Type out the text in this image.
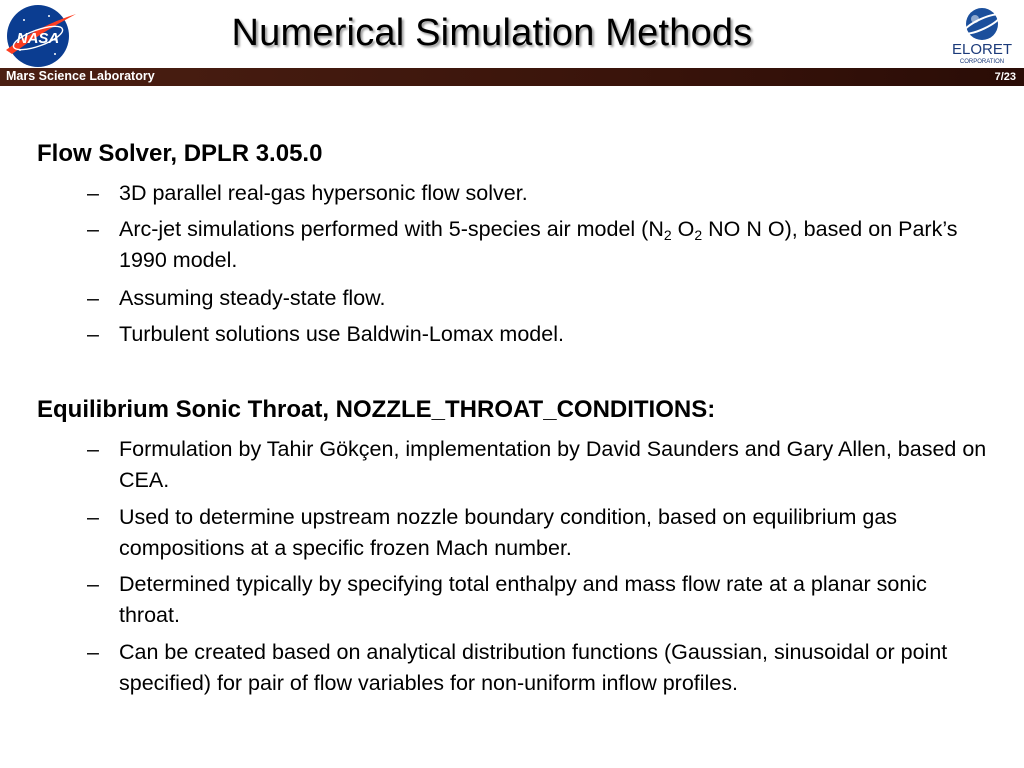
NASA	Numerical Simulation Methods	ELORET
CORPORATION
Mars Science Laboratory	7/23
Flow Solver, DPLR 3.05.0
– 3D parallel real-gas hypersonic flow solver.
– Arc-jet simulations performed with 5-species air model ($N_2$ $O_2$ NO N O), based on Park’s 1990 model.
– Assuming steady-state flow.
– Turbulent solutions use Baldwin-Lomax model.
Equilibrium Sonic Throat, NOZZLE_THROAT_CONDITIONS:
– Formulation by Tahir Gökçen, implementation by David Saunders and Gary Allen, based on CEA.
– Used to determine upstream nozzle boundary condition, based on equilibrium gas compositions at a specific frozen Mach number.
– Determined typically by specifying total enthalpy and mass flow rate at a planar sonic throat.
– Can be created based on analytical distribution functions (Gaussian, sinusoidal or point specified) for pair of flow variables for non-uniform inflow profiles.
